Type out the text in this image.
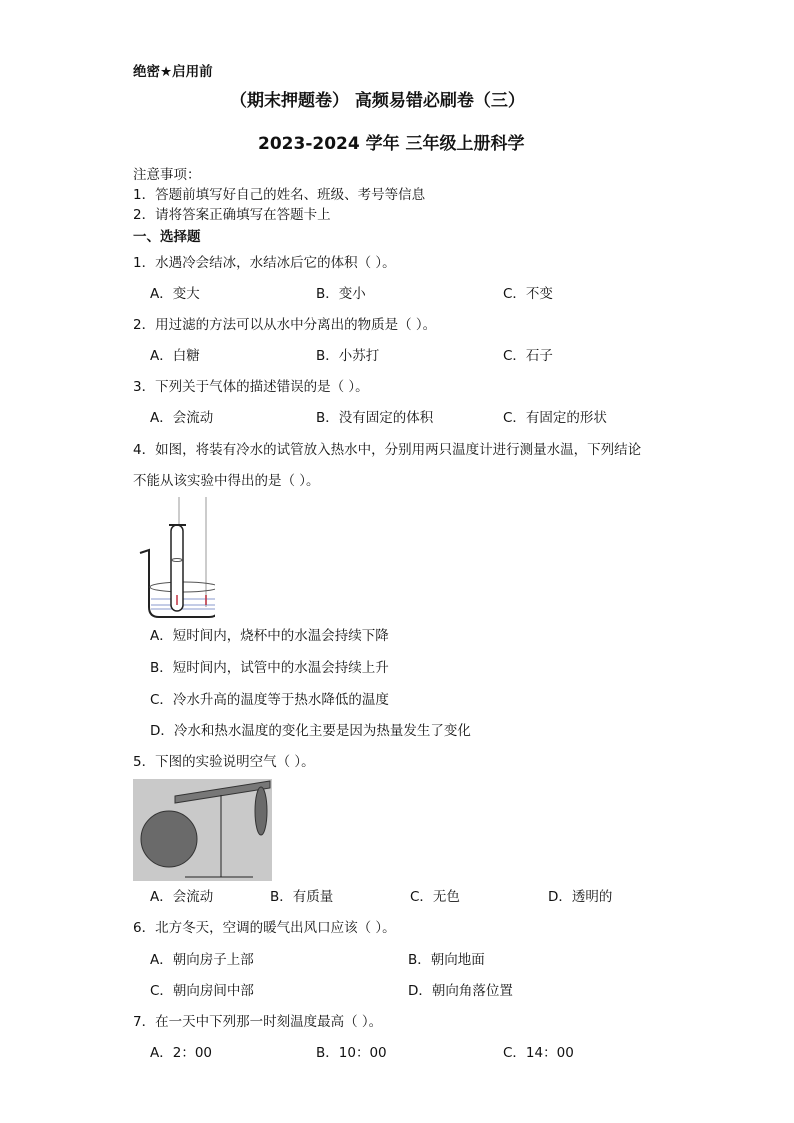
绝密★启用前
（期末押题卷） 高频易错必刷卷（三）
2023-2024 学年 三年级上册科学
注意事项：
1．答题前填写好自己的姓名、班级、考号等信息
2．请将答案正确填写在答题卡上
一、选择题
1．水遇冷会结冰，水结冰后它的体积（ ）。
A．变大	B．变小	C．不变
2．用过滤的方法可以从水中分离出的物质是（ ）。
A．白糖	B．小苏打	C．石子
3．下列关于气体的描述错误的是（ ）。
A．会流动	B．没有固定的体积	C．有固定的形状
4．如图，将装有冷水的试管放入热水中，分别用两只温度计进行测量水温，下列结论
不能从该实验中得出的是（ ）。
A．短时间内，烧杯中的水温会持续下降
B．短时间内，试管中的水温会持续上升
C．冷水升高的温度等于热水降低的温度
D．冷水和热水温度的变化主要是因为热量发生了变化
5．下图的实验说明空气（ ）。
A．会流动	B．有质量	C．无色	D．透明的
6．北方冬天，空调的暖气出风口应该（ ）。
A．朝向房子上部	B．朝向地面
C．朝向房间中部	D．朝向角落位置
7．在一天中下列那一时刻温度最高（ ）。
A．2：00	B．10：00	C．14：00
